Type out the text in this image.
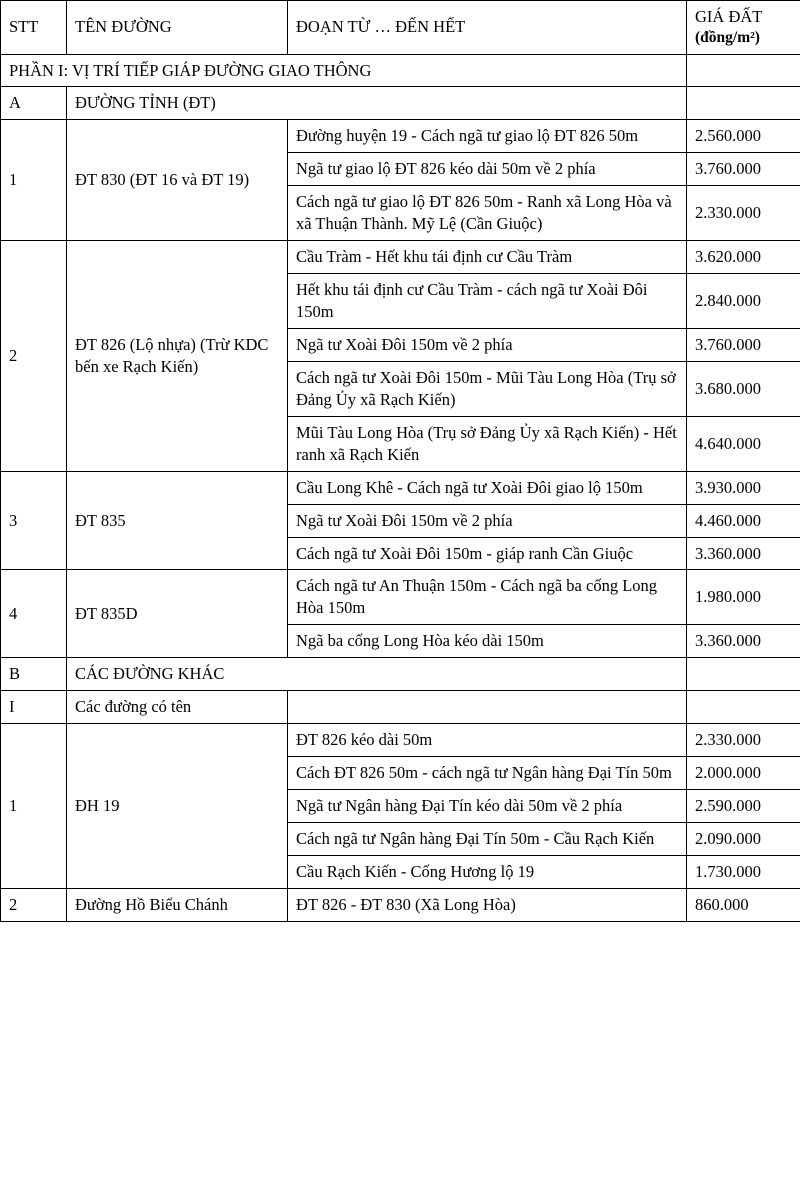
STT	TÊN ĐƯỜNG	ĐOẠN TỪ … ĐẾN HẾT	GIÁ ĐẤT
(đồng/m²)

PHẦN I: VỊ TRÍ TIẾP GIÁP ĐƯỜNG GIAO THÔNG			
A	ĐƯỜNG TỈNH (ĐT)		
1	ĐT 830 (ĐT 16 và ĐT 19)	Đường huyện 19 - Cách ngã tư giao lộ ĐT 826 50m	2.560.000
		Ngã tư giao lộ ĐT 826 kéo dài 50m về 2 phía	3.760.000
		Cách ngã tư giao lộ ĐT 826 50m - Ranh xã Long Hòa và xã Thuận Thành. Mỹ Lệ (Cần Giuộc)	2.330.000
2	ĐT 826 (Lộ nhựa) (Trừ KDC bến xe Rạch Kiến)	Cầu Tràm - Hết khu tái định cư Cầu Tràm	3.620.000
		Hết khu tái định cư Cầu Tràm - cách ngã tư Xoài Đôi 150m	2.840.000
		Ngã tư Xoài Đôi 150m về 2 phía	3.760.000
		Cách ngã tư Xoài Đôi 150m - Mũi Tàu Long Hòa (Trụ sở Đảng Ủy xã Rạch Kiến)	3.680.000
		Mũi Tàu Long Hòa (Trụ sở Đảng Ủy xã Rạch Kiến) - Hết ranh xã Rạch Kiến	4.640.000
3	ĐT 835	Cầu Long Khê - Cách ngã tư Xoài Đôi giao lộ 150m	3.930.000
		Ngã tư Xoài Đôi 150m về 2 phía	4.460.000
		Cách ngã tư Xoài Đôi 150m - giáp ranh Cần Giuộc	3.360.000
4	ĐT 835D	Cách ngã tư An Thuận 150m - Cách ngã ba cống Long Hòa 150m	1.980.000
		Ngã ba cống Long Hòa kéo dài 150m	3.360.000
B	CÁC ĐƯỜNG KHÁC		
I	Các đường có tên		
1	ĐH 19	ĐT 826 kéo dài 50m	2.330.000
		Cách ĐT 826 50m - cách ngã tư Ngân hàng Đại Tín 50m	2.000.000
		Ngã tư Ngân hàng Đại Tín kéo dài 50m về 2 phía	2.590.000
		Cách ngã tư Ngân hàng Đại Tín 50m - Cầu Rạch Kiến	2.090.000
		Cầu Rạch Kiến - Cống Hương lộ 19	1.730.000
2	Đường Hồ Biểu Chánh	ĐT 826 - ĐT 830 (Xã Long Hòa)	860.000
